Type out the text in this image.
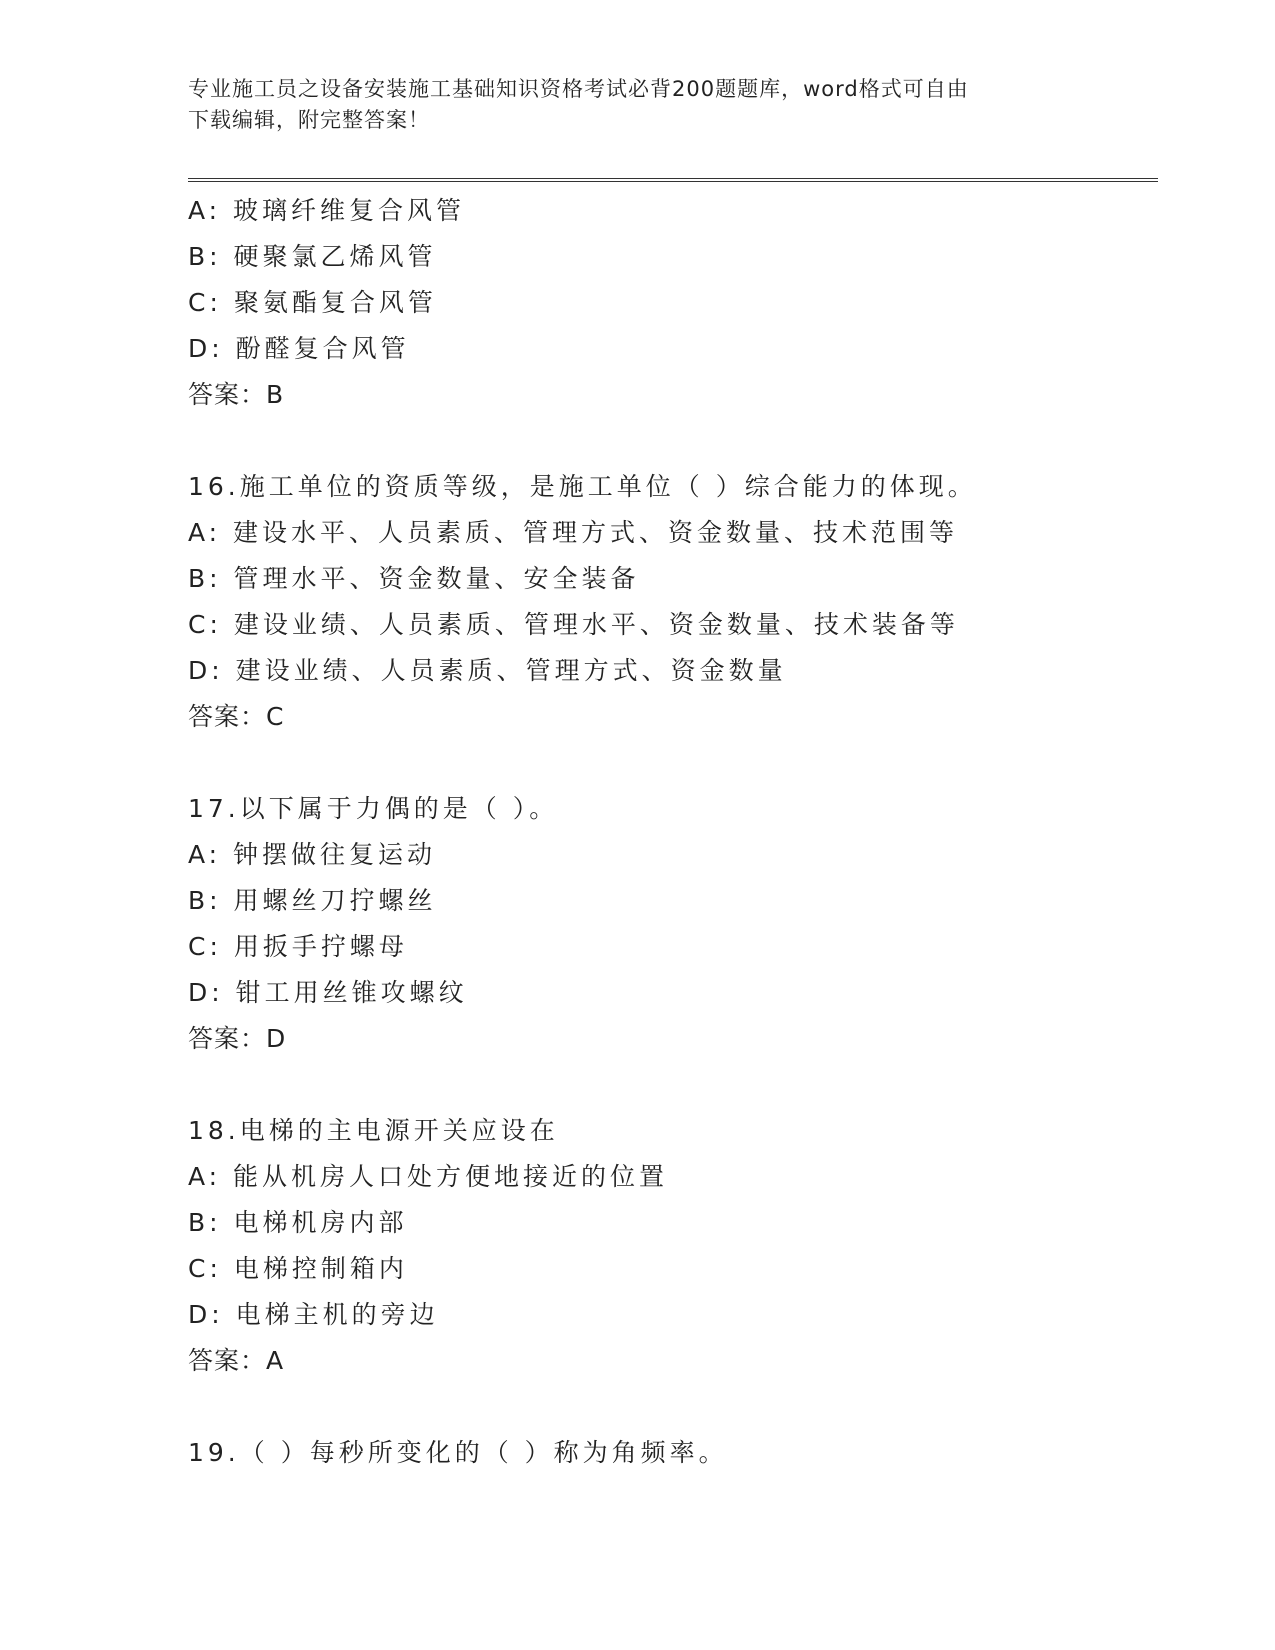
专业施工员之设备安装施工基础知识资格考试必背200题题库，word格式可自由
下载编辑，附完整答案！
A: 玻璃纤维复合风管
B: 硬聚氯乙烯风管
C: 聚氨酯复合风管
D: 酚醛复合风管
答案：B
16.施工单位的资质等级，是施工单位（ ）综合能力的体现。
A: 建设水平、人员素质、管理方式、资金数量、技术范围等
B: 管理水平、资金数量、安全装备
C: 建设业绩、人员素质、管理水平、资金数量、技术装备等
D: 建设业绩、人员素质、管理方式、资金数量
答案：C
17.以下属于力偶的是（ ）。
A: 钟摆做往复运动
B: 用螺丝刀拧螺丝
C: 用扳手拧螺母
D: 钳工用丝锥攻螺纹
答案：D
18.电梯的主电源开关应设在
A: 能从机房人口处方便地接近的位置
B: 电梯机房内部
C: 电梯控制箱内
D: 电梯主机的旁边
答案：A
19.（ ）每秒所变化的（ ）称为角频率。
